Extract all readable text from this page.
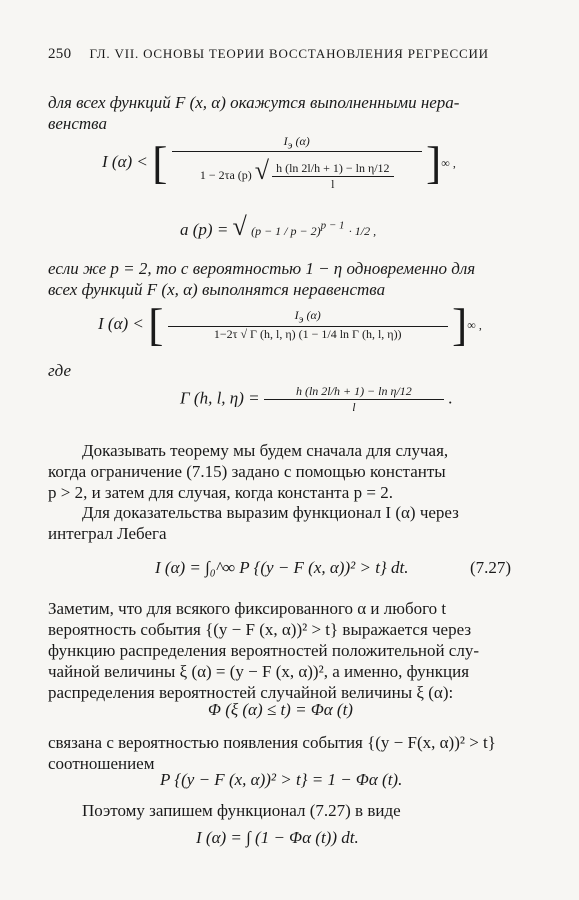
250 ГЛ. VII. ОСНОВЫ ТЕОРИИ ВОССТАНОВЛЕНИЯ РЕГРЕССИИ
для всех функций F (x, α) окажутся выполненными нера-
венства
I (α) < [	Iэ (α)
1 − 2τa (p) √ $\frac{\text{h (ln 2l/h + 1) − ln η/12}}{l}$ ]∞ ,
a (p) = √ $(p - 1 / p - 2)^{p - 1} \cdot 1/2$ ,
если же p = 2, то с вероятностью 1 − η одновременно для
всех функций F (x, α) выполнятся неравенства
I (α) < [ $\frac{Iэ (\alpha)}{\text{1−2τ √ Γ (h, l, η) (1 − 1/4 ln Γ (h, l, η))}}$ ]∞ ,
где
Γ (h, l, $\eta) = \frac{\text{h (ln 2l/h + 1) − ln η/12}}{l}$ .
Доказывать теорему мы будем сначала для случая,
когда ограничение (7.15) задано с помощью константы
p > 2, и затем для случая, когда константа p = 2.
Для доказательства выразим функционал I (α) через
интеграл Лебега
I (α) = ∫₀^∞ P {(y − F (x, α))² > t} dt.	(7.27)
Заметим, что для всякого фиксированного α и любого t
вероятность события {(y − F (x, α))² > t} выражается через
функцию распределения вероятностей положительной слу-
чайной величины ξ (α) = (y − F (x, α))², а именно, функция
распределения вероятностей случайной величины ξ (α):
Φ (ξ (α) ≤ t) = Φα (t)
связана с вероятностью появления события {(y − F(x, α))² > t}
соотношением
P {(y − F (x, α))² > t} = 1 − Φα (t).
Поэтому запишем функционал (7.27) в виде
I (α) = ∫ (1 − Φα (t)) dt.
